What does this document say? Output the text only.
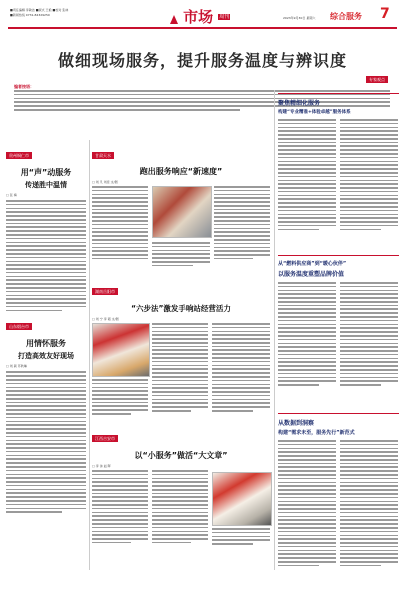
■责任编辑 李敏洁 ■版式 王艳 ■校对 张林
■新闻热线 0731-84329250	市场 $^{周刊}$	2023年9月30日 星期六 综合服务 7
做细现场服务，提升服务温度与辨识度
编者按语：
专家观点
贵州铜仁市
用“声”动服务
传递胜中温情
□ 张 梅
山东烟台市
用情怀服务
打造高效友好现场
□ 刘 颖 苏秋琳
甘肃天水
跑出服务响应“新速度”
□ 刘 凡 刘佳 文/图
湖南岳阳市
“六步法”激发手响站经营活力
□ 刘 宁 李 韬 文/图
江西吉安市
以“小服务”做活“大文章”
□ 李 沫 赵 晖
聚焦精细化服务
构建“专业精准+体验卓越”服务体系
从“燃料供应商”到“暖心伙伴”
以服务温度重塑品牌价值
从数据到洞察
构建“需求未至，服务先行”新范式
